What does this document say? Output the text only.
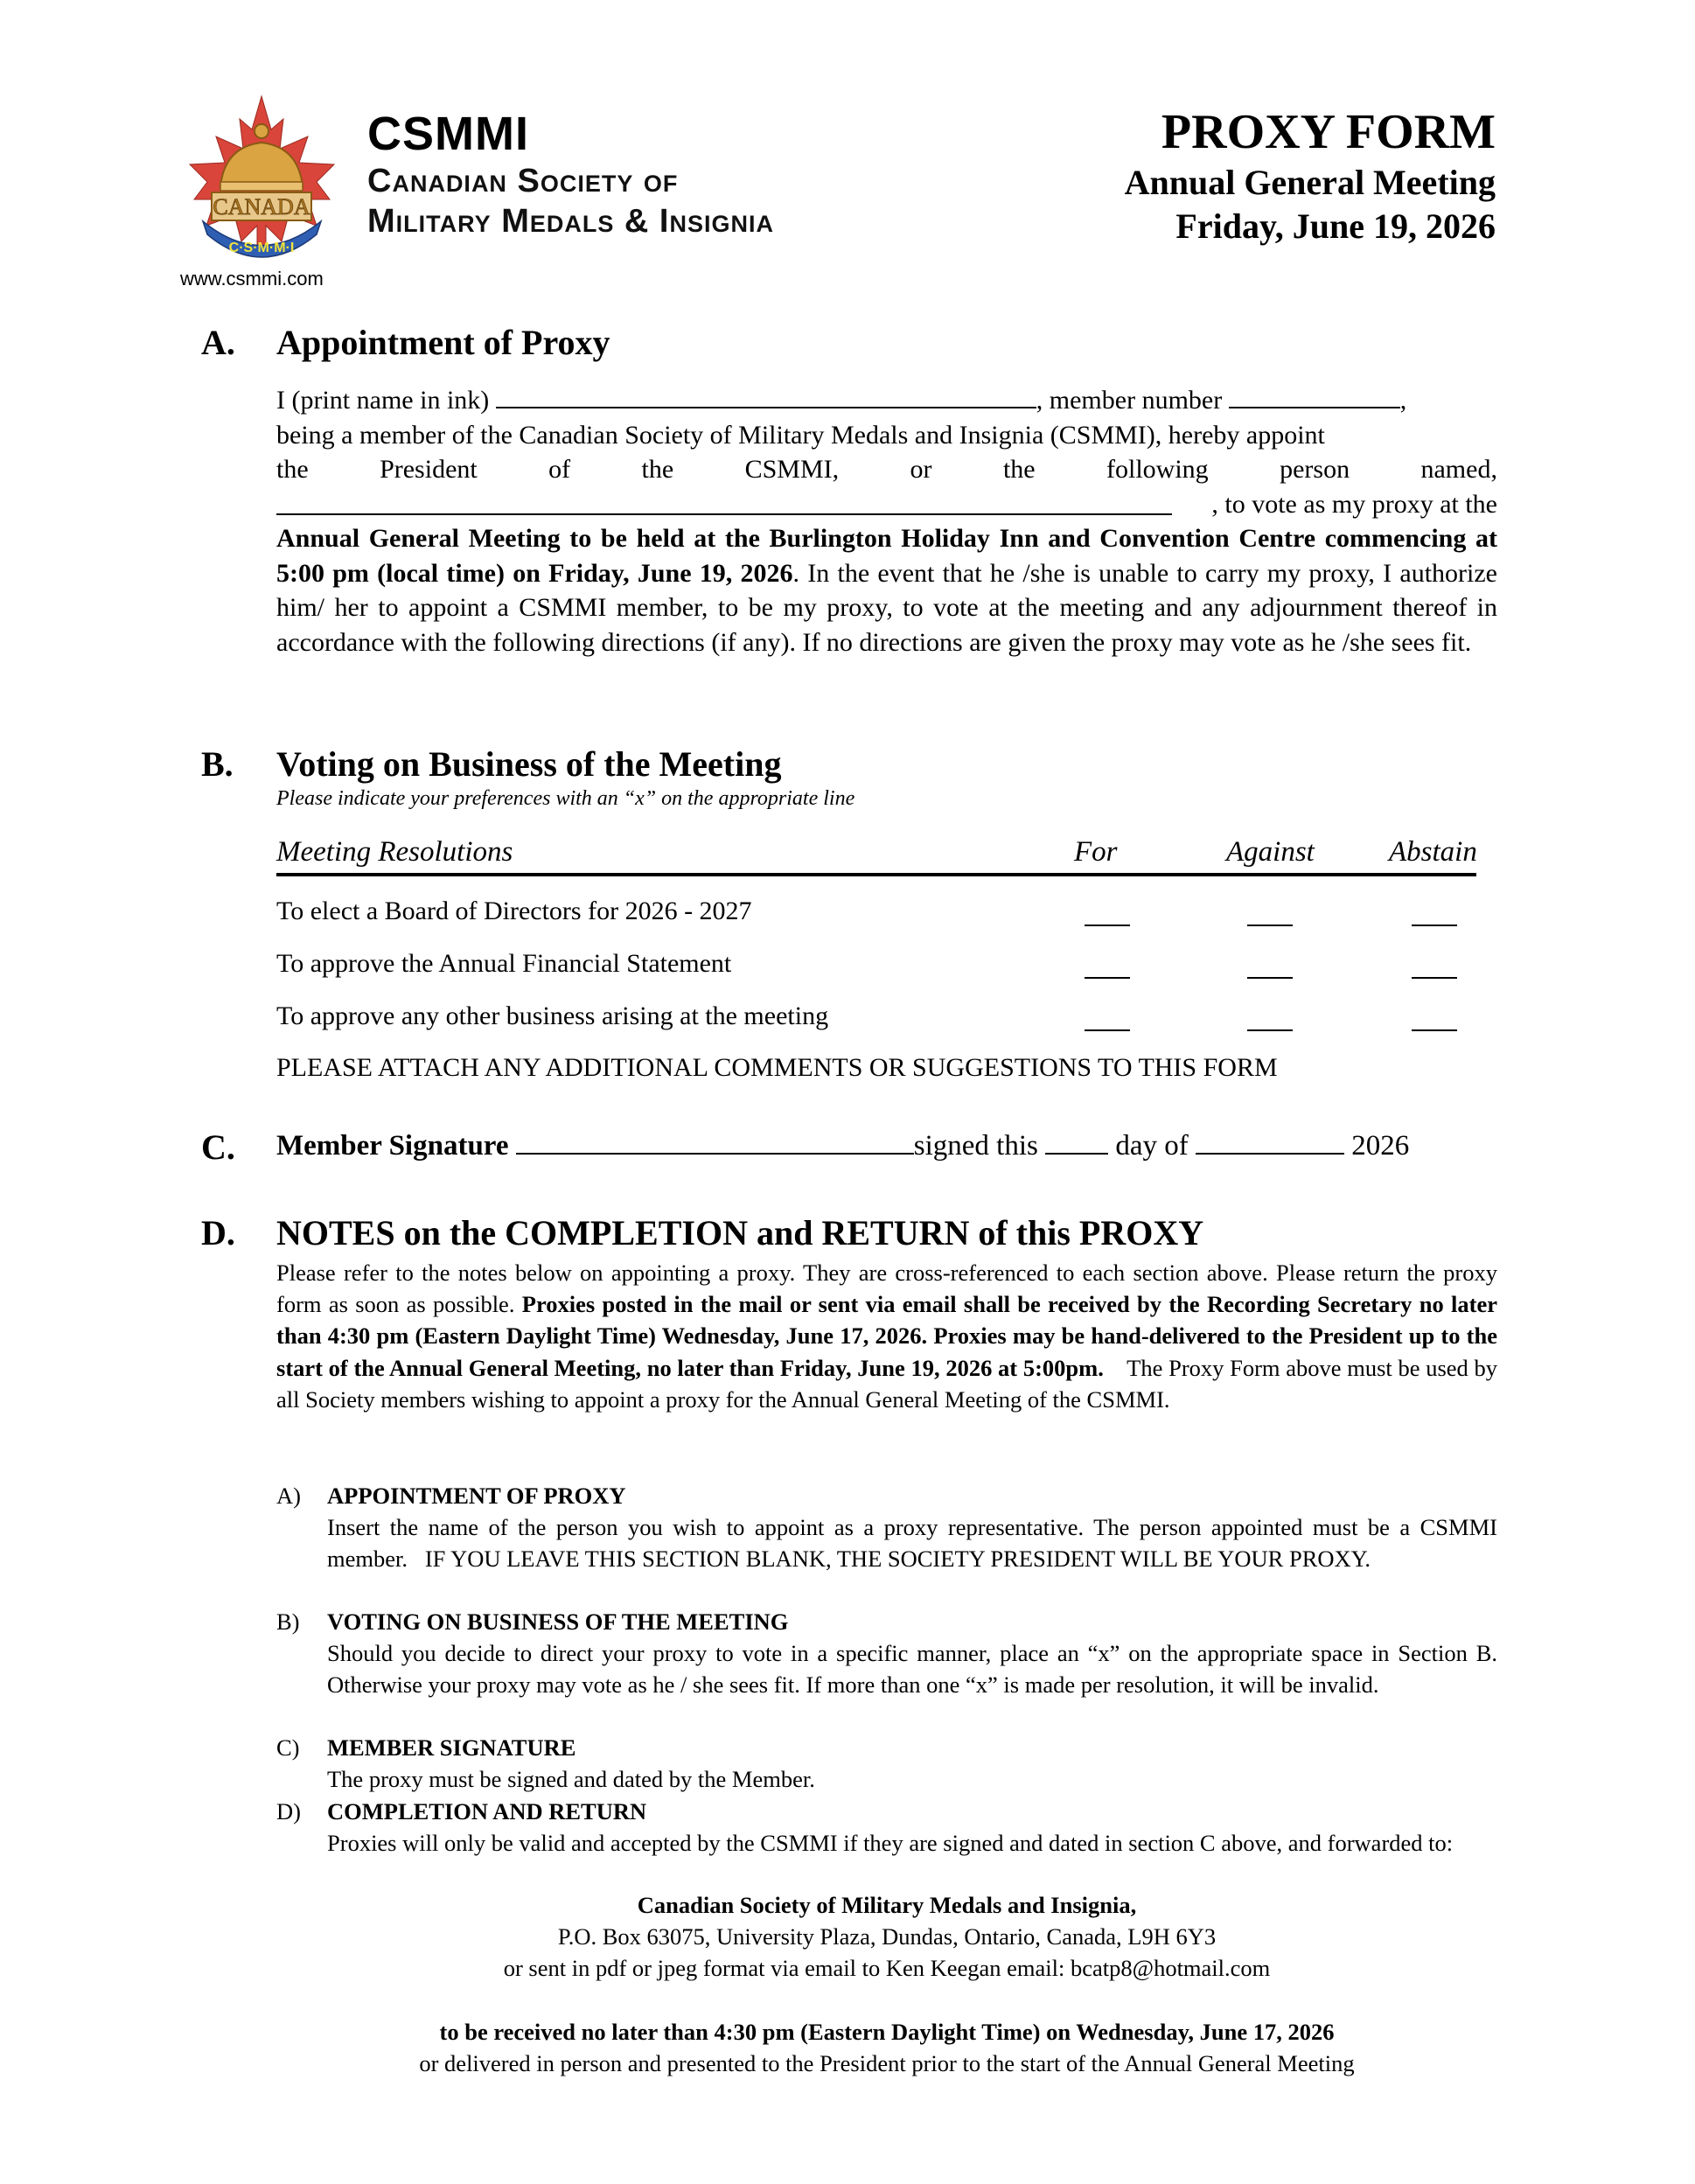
CANADA
C·S·M·M·I
www.csmmi.com
CSMMI
Canadian Society of
Military Medals & Insignia
PROXY FORM
Annual General Meeting
Friday, June 19, 2026
A. Appointment of Proxy
I (print name in ink)	, member number	,
being a member of the Canadian Society of Military Medals and Insignia (CSMMI), hereby appoint
the	President	of	the	CSMMI,	or	the	following	person	named,
, to vote as my proxy at the
Annual General Meeting to be held at the Burlington Holiday Inn and Convention Centre commencing at 5:00 pm (local time) on Friday, June 19, 2026. In the event that he /she is unable to carry my proxy, I authorize him/ her to appoint a CSMMI member, to be my proxy, to vote at the meeting and any adjournment thereof in accordance with the following directions (if any). If no directions are given the proxy may vote as he /she sees fit.
B. Voting on Business of the Meeting
Please indicate your preferences with an “x” on the appropriate line
Meeting Resolutions	For	Against	Abstain
To elect a Board of Directors for 2026 - 2027
To approve the Annual Financial Statement
To approve any other business arising at the meeting
PLEASE ATTACH ANY ADDITIONAL COMMENTS OR SUGGESTIONS TO THIS FORM
C. Member Signature	signed this	day of	2026
D. NOTES on the COMPLETION and RETURN of this PROXY
Please refer to the notes below on appointing a proxy. They are cross-referenced to each section above. Please return the proxy form as soon as possible. Proxies posted in the mail or sent via email shall be received by the Recording Secretary no later than 4:30 pm (Eastern Daylight Time) Wednesday, June 17, 2026. Proxies may be hand-delivered to the President up to the start of the Annual General Meeting, no later than Friday, June 19, 2026 at 5:00pm.    The Proxy Form above must be used by all Society members wishing to appoint a proxy for the Annual General Meeting of the CSMMI.
A) APPOINTMENT OF PROXY
Insert the name of the person you wish to appoint as a proxy representative. The person appointed must be a CSMMI member.   IF YOU LEAVE THIS SECTION BLANK, THE SOCIETY PRESIDENT WILL BE YOUR PROXY.
B) VOTING ON BUSINESS OF THE MEETING
Should you decide to direct your proxy to vote in a specific manner, place an “x” on the appropriate space in Section B. Otherwise your proxy may vote as he / she sees fit. If more than one “x” is made per resolution, it will be invalid.
C) MEMBER SIGNATURE
The proxy must be signed and dated by the Member.
D) COMPLETION AND RETURN
Proxies will only be valid and accepted by the CSMMI if they are signed and dated in section C above, and forwarded to:
Canadian Society of Military Medals and Insignia,
P.O. Box 63075, University Plaza, Dundas, Ontario, Canada, L9H 6Y3
or sent in pdf or jpeg format via email to Ken Keegan email: bcatp8@hotmail.com
to be received no later than 4:30 pm (Eastern Daylight Time) on Wednesday, June 17, 2026
or delivered in person and presented to the President prior to the start of the Annual General Meeting
